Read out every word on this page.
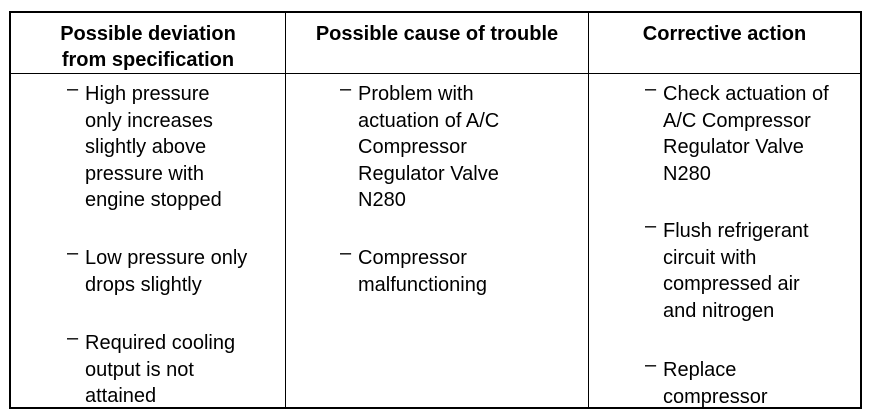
Possible deviation
from specification
– High pressure
only increases
slightly above
pressure with
engine stopped
– Low pressure only
drops slightly
– Required cooling
output is not
attained
Possible cause of trouble
– Problem with
actuation of A/C
Compressor
Regulator Valve
N280
– Compressor
malfunctioning
Corrective action
– Check actuation of
A/C Compressor
Regulator Valve
N280
– Flush refrigerant
circuit with
compressed air
and nitrogen
– Replace
compressor
